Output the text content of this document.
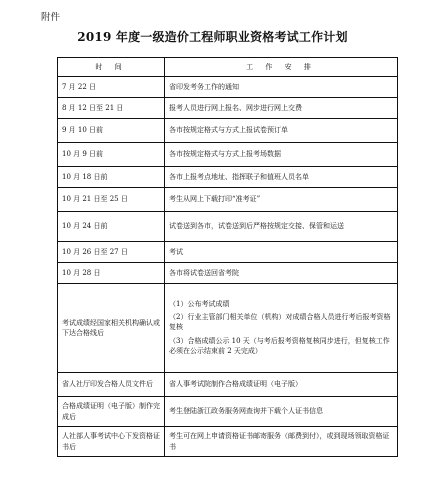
附件
2019 年度一级造价工程师职业资格考试工作计划
时 间	工 作 安 排
7 月 22 日	省印发考务工作的通知
8 月 12 日至 21 日	报考人员进行网上报名、网步进行网上交费
9 月 10 日前	各市按规定格式与方式上报试卷预订单
10 月 9 日前	各市按规定格式与方式上报考场数据
10 月 18 日前	各市上报考点地址、指挥联子和值班人员名单
10 月 21 日至 25 日	考生从网上下载打印“准考证”
10 月 24 日前	试卷送到各市，试卷送到后严格按规定交接、保管和运送
10 月 26 日至 27 日	考试
10 月 28 日	各市将试卷送回省考院
考试成绩经国家相关机构确认或下达合格线后	（1）公布考试成绩
（2）行业主管部门相关单位（机构）对成绩合格人员进行考后报考资格复核
（3）合格成绩公示 10 天（与考后报考资格复核同步进行，但复核工作必须在公示结束前 2 天完成）

省人社厅印发合格人员文件后	省人事考试院制作合格成绩证明（电子版）
合格成绩证明（电子版）制作完成后	考生登陆浙江政务服务网查询并下载个人证书信息
人社部人事考试中心下发资格证书后	考生可在网上申请资格证书邮寄服务（邮费到付），或到现场领取资格证书
